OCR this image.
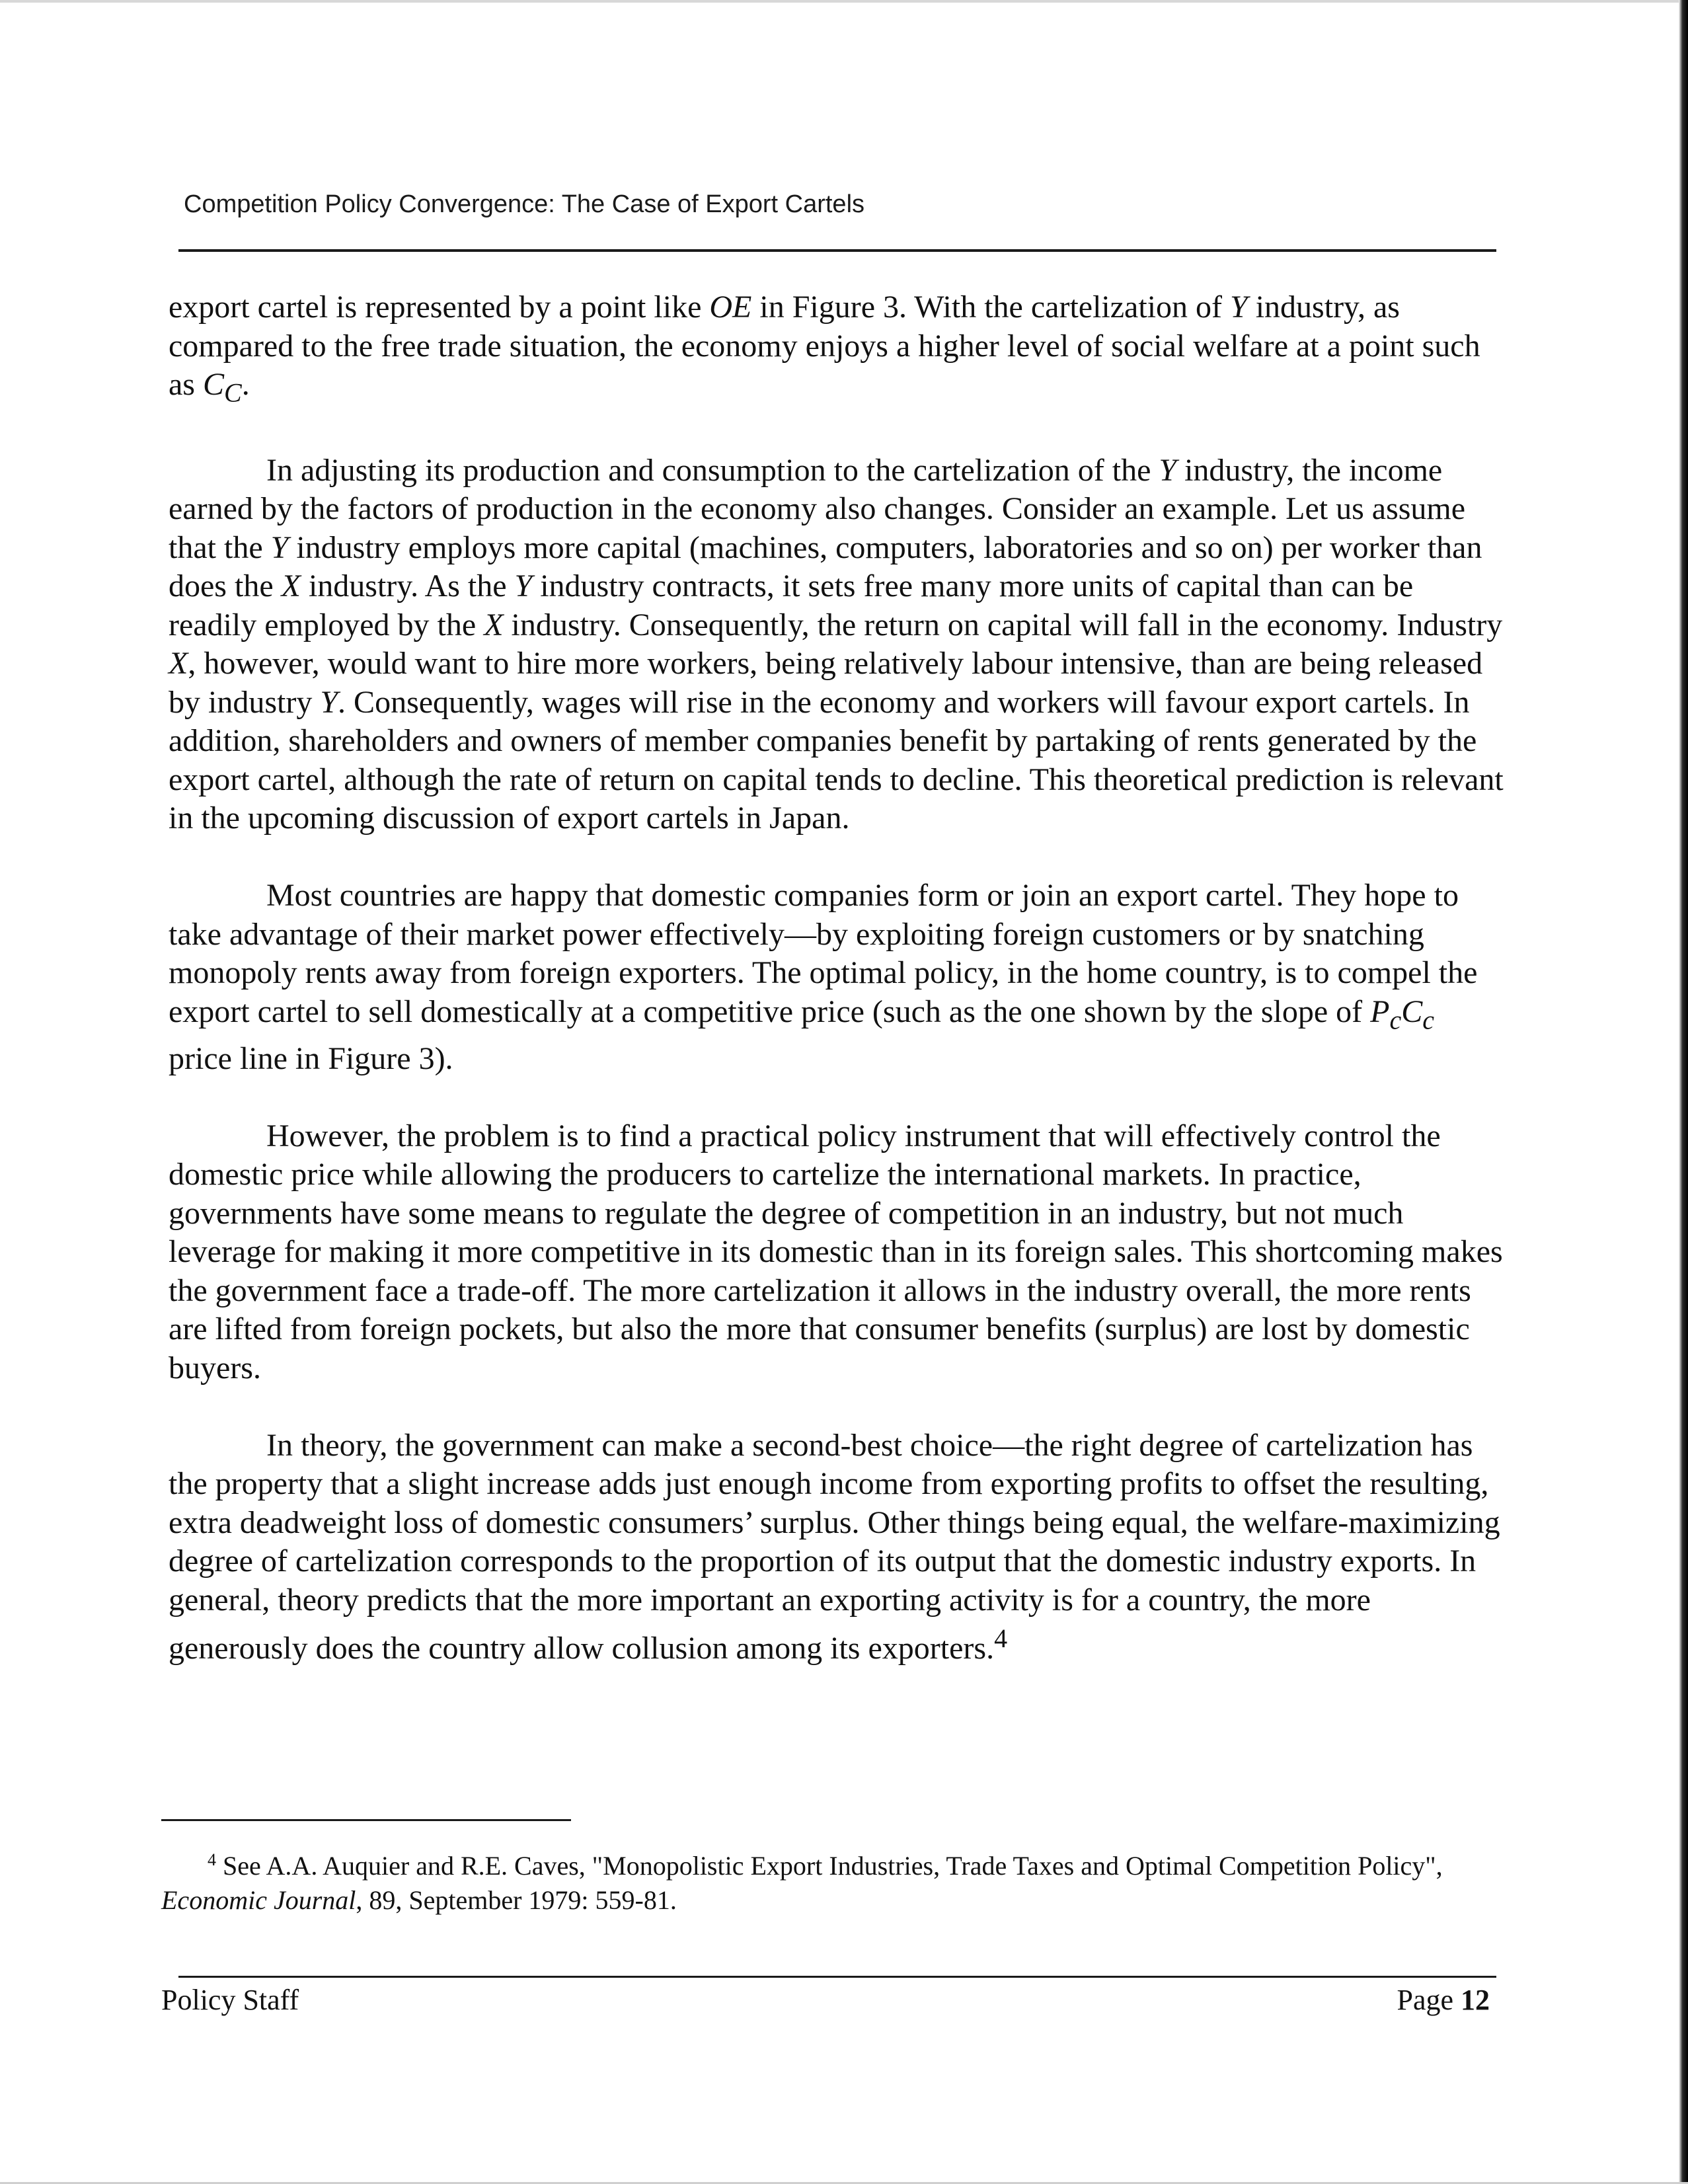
Competition Policy Convergence: The Case of Export Cartels

export cartel is represented by a point like OE in Figure 3. With the cartelization of Y industry, as compared to the free trade situation, the economy enjoys a higher level of social welfare at a point such as $C_C$.

In adjusting its production and consumption to the cartelization of the Y industry, the income earned by the factors of production in the economy also changes. Consider an example. Let us assume that the Y industry employs more capital (machines, computers, laboratories and so on) per worker than does the X industry. As the Y industry contracts, it sets free many more units of capital than can be readily employed by the X industry. Consequently, the return on capital will fall in the economy. Industry X, however, would want to hire more workers, being relatively labour intensive, than are being released by industry Y. Consequently, wages will rise in the economy and workers will favour export cartels. In addition, shareholders and owners of member companies benefit by partaking of rents generated by the export cartel, although the rate of return on capital tends to decline. This theoretical prediction is relevant in the upcoming discussion of export cartels in Japan.

Most countries are happy that domestic companies form or join an export cartel. They hope to take advantage of their market power effectively—by exploiting foreign customers or by snatching monopoly rents away from foreign exporters. The optimal policy, in the home country, is to compel the export cartel to sell domestically at a competitive price (such as the one shown by the slope of $P_cC_c$ price line in Figure 3).

However, the problem is to find a practical policy instrument that will effectively control the domestic price while allowing the producers to cartelize the international markets. In practice, governments have some means to regulate the degree of competition in an industry, but not much leverage for making it more competitive in its domestic than in its foreign sales. This shortcoming makes the government face a trade-off. The more cartelization it allows in the industry overall, the more rents are lifted from foreign pockets, but also the more that consumer benefits (surplus) are lost by domestic buyers.

In theory, the government can make a second-best choice—the right degree of cartelization has the property that a slight increase adds just enough income from exporting profits to offset the resulting, extra deadweight loss of domestic consumers’ surplus. Other things being equal, the welfare-maximizing degree of cartelization corresponds to the proportion of its output that the domestic industry exports. In general, theory predicts that the more important an exporting activity is for a country, the more generously does the country allow collusion among its exporters.$^4$

$^4$ See A.A. Auquier and R.E. Caves, "Monopolistic Export Industries, Trade Taxes and Optimal Competition Policy", Economic Journal, 89, September 1979: 559-81.
Policy Staff	Page 12
